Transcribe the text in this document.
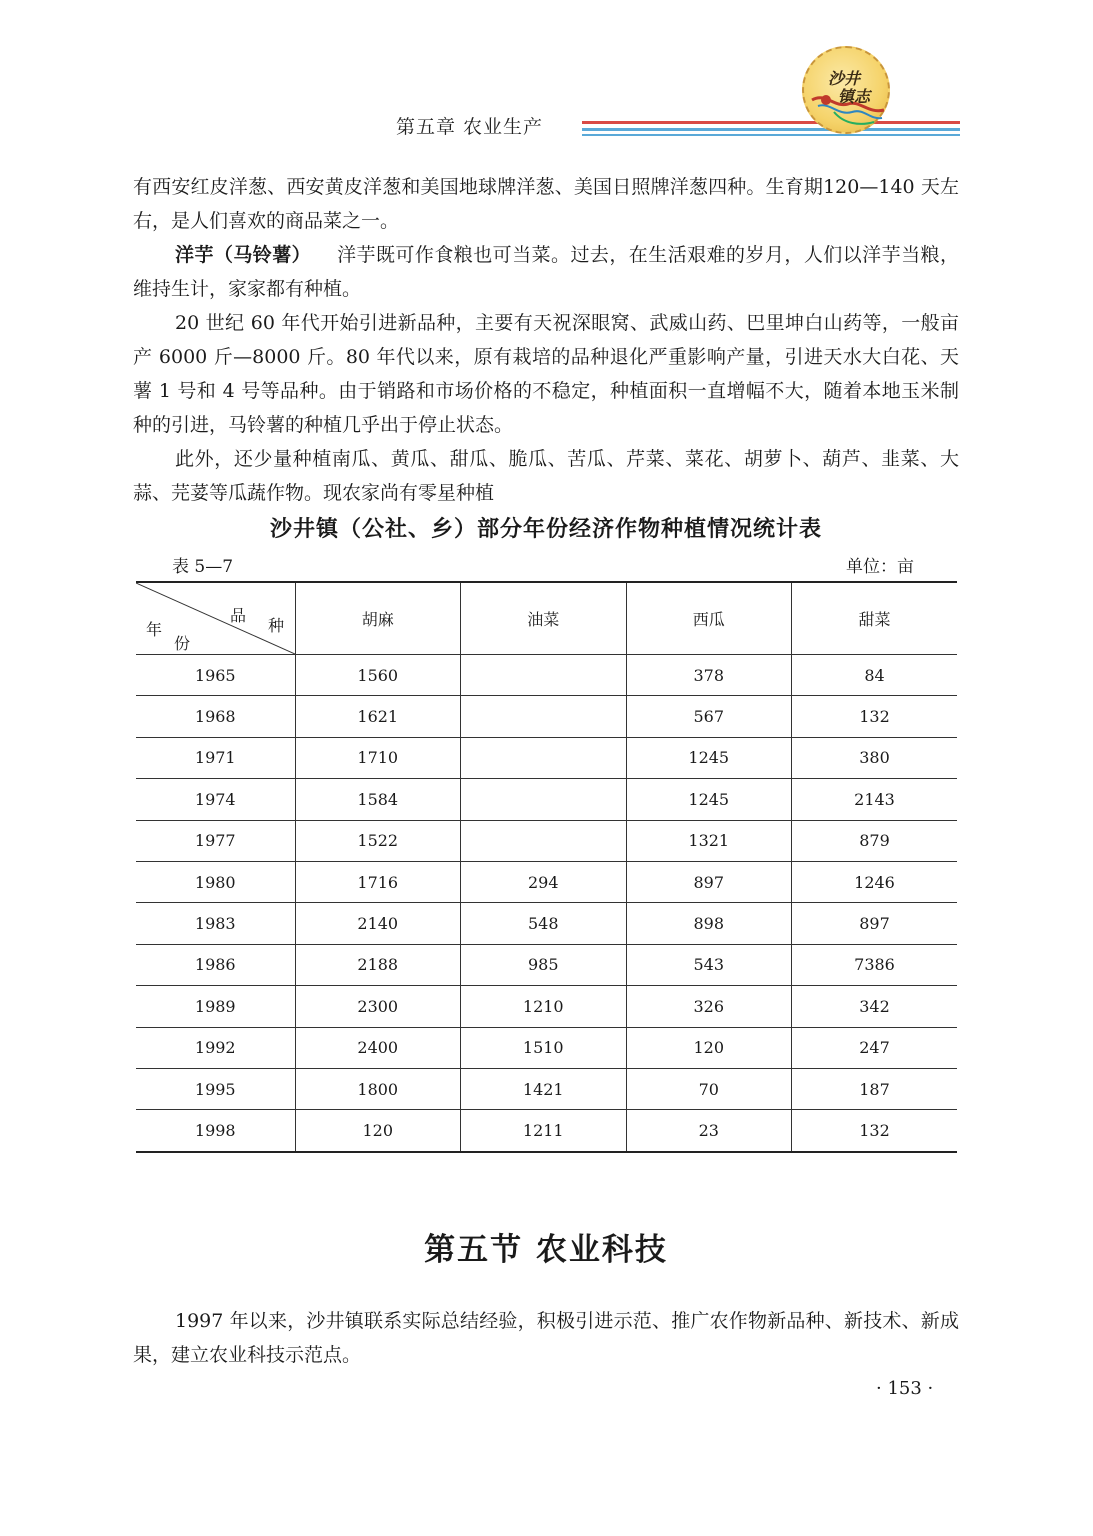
第五章 农业生产
沙井
镇志

有西安红皮洋葱、西安黄皮洋葱和美国地球牌洋葱、美国日照牌洋葱四种。生育期120—140 天左右，是人们喜欢的商品菜之一。

洋芋（马铃薯） 洋芋既可作食粮也可当菜。过去，在生活艰难的岁月，人们以洋芋当粮，维持生计，家家都有种植。

20 世纪 60 年代开始引进新品种，主要有天祝深眼窝、武威山药、巴里坤白山药等，一般亩产 6000 斤—8000 斤。80 年代以来，原有栽培的品种退化严重影响产量，引进天水大白花、天薯 1 号和 4 号等品种。由于销路和市场价格的不稳定，种植面积一直增幅不大，随着本地玉米制种的引进，马铃薯的种植几乎出于停止状态。

此外，还少量种植南瓜、黄瓜、甜瓜、脆瓜、苦瓜、芹菜、菜花、胡萝卜、葫芦、韭菜、大蒜、芫荽等瓜蔬作物。现农家尚有零星种植

沙井镇（公社、乡）部分年份经济作物种植情况统计表
表 5—7	单位：亩
品
种
年
份	胡麻	油菜	西瓜	甜菜
1965	1560		378	84
1968	1621		567	132
1971	1710		1245	380
1974	1584		1245	2143
1977	1522		1321	879
1980	1716	294	897	1246
1983	2140	548	898	897
1986	2188	985	543	7386
1989	2300	1210	326	342
1992	2400	1510	120	247
1995	1800	1421	70	187
1998	120	1211	23	132
第五节 农业科技

1997 年以来，沙井镇联系实际总结经验，积极引进示范、推广农作物新品种、新技术、新成果，建立农业科技示范点。

· 153 ·
